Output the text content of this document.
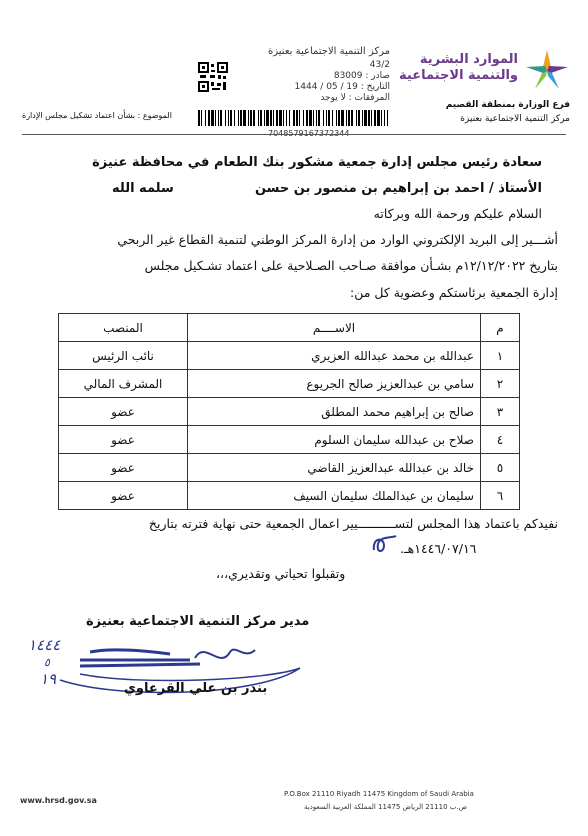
الموارد البشرية
والتنمية الاجتماعية
فرع الوزارة بمنطقة القصيم
مركز التنمية الاجتماعية بعنيزة
مركز التنمية الاجتماعية بعنيزة
43/2
صادر : 83009
التاريخ : 19 / 05 / 1444
المرفقات : لا يوجد
الموضوع : بشأن اعتماد تشكيل مجلس الإدارة
سعادة رئيس مجلس إدارة جمعية مشكور بنك الطعام في محافظة عنيزة
الأستاذ / احمد بن إبراهيم بن منصور بن حسن
سلمه الله
السلام عليكم ورحمة الله وبركاته
أشـــير إلى البريد الإلكتروني الوارد من إدارة المركز الوطني لتنمية القطاع غير الربحي
بتاريخ ١٢/١٢/٢٠٢٢م بشـأن موافقة صـاحب الصـلاحية على اعتماد تشـكيل مجلس
إدارة الجمعية برئاستكم وعضوية كل من:
م	الاســــم	المنصب
١	عبدالله بن محمد عبدالله العزيري	نائب الرئيس
٢	سامي بن عبدالعزيز صالح الجريوع	المشرف المالي
٣	صالح بن إبراهيم محمد المطلق	عضو
٤	صلاح بن عبدالله سليمان السلوم	عضو
٥	خالد بن عبدالله عبدالعزيز القاضي	عضو
٦	سليمان بن عبدالملك سليمان السيف	عضو
نفيدكم باعتماد هذا المجلس لتســــــــــيير اعمال الجمعية حتى نهاية فترته بتاريخ
١٤٤٦/٠٧/١٦هـ.
وتقبلوا تحياتي وتقديري،،،
مدير مركز التنمية الاجتماعية بعنيزة
١٤٤٤
٥
١٩
بندر بن علي القرعاوي
www.hrsd.gov.sa
P.O.Box 21110 Riyadh 11475 Kingdom of Saudi Arabia
ص.ب 21110 الرياض 11475 المملكة العربية السعودية
